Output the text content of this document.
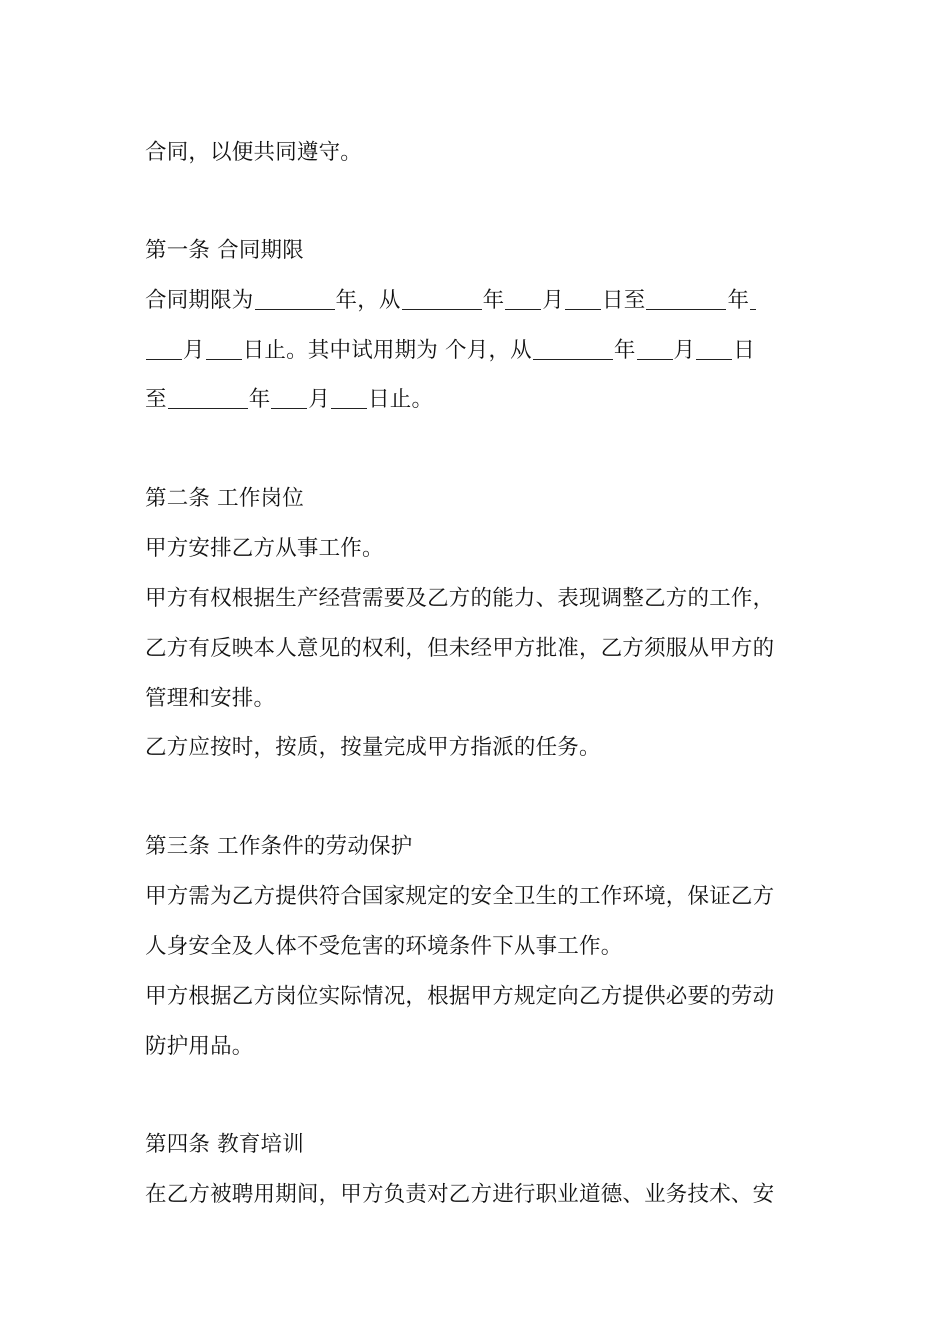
合同，以便共同遵守。
第一条 合同期限
合同期限为	年，从	年 月 日至	年
月 日止。其中试用期为 个月，从	年 月 日
至	年 月 日止。
第二条 工作岗位
甲方安排乙方从事工作。
甲方有权根据生产经营需要及乙方的能力、表现调整乙方的工作，
乙方有反映本人意见的权利，但未经甲方批准，乙方须服从甲方的
管理和安排。
乙方应按时，按质，按量完成甲方指派的任务。
第三条 工作条件的劳动保护
甲方需为乙方提供符合国家规定的安全卫生的工作环境，保证乙方
人身安全及人体不受危害的环境条件下从事工作。
甲方根据乙方岗位实际情况，根据甲方规定向乙方提供必要的劳动
防护用品。
第四条 教育培训
在乙方被聘用期间，甲方负责对乙方进行职业道德、业务技术、安
